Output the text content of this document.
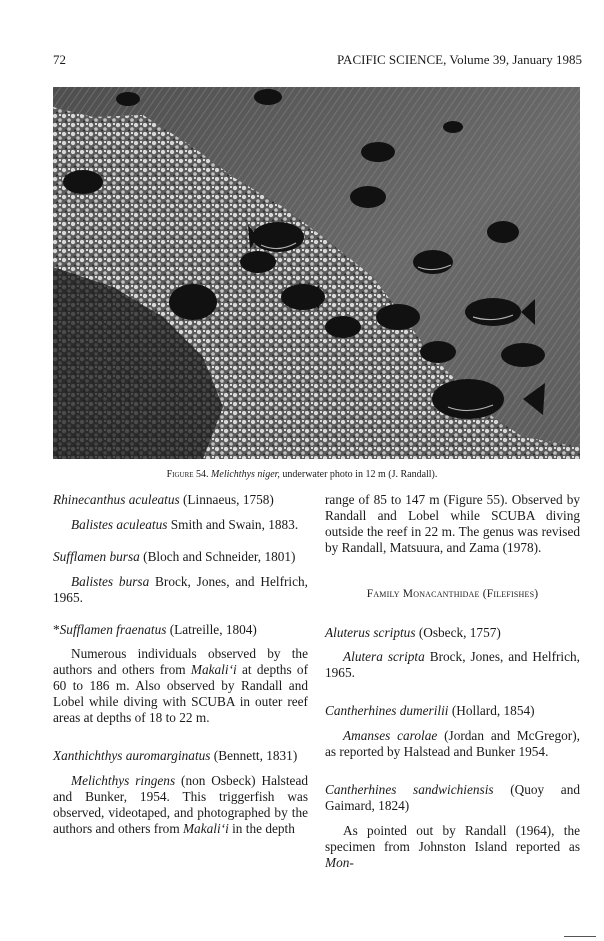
72	PACIFIC SCIENCE, Volume 39, January 1985
Figure 54. Melichthys niger, underwater photo in 12 m (J. Randall).

Rhinecanthus aculeatus (Linnaeus, 1758)

Balistes aculeatus Smith and Swain, 1883.

Sufflamen bursa (Bloch and Schneider, 1801)

Balistes bursa Brock, Jones, and Helfrich, 1965.

*Sufflamen fraenatus (Latreille, 1804)

Numerous individuals observed by the authors and others from Makali‘i at depths of 60 to 186 m. Also observed by Randall and Lobel while diving with SCUBA in outer reef areas at depths of 18 to 22 m.

Xanthichthys auromarginatus (Bennett, 1831)

Melichthys ringens (non Osbeck) Halstead and Bunker, 1954. This triggerfish was observed, videotaped, and photographed by the authors and others from Makali‘i in the depth

range of 85 to 147 m (Figure 55). Observed by Randall and Lobel while SCUBA diving outside the reef in 22 m. The genus was revised by Randall, Matsuura, and Zama (1978).

Family Monacanthidae (Filefishes)

Aluterus scriptus (Osbeck, 1757)

Alutera scripta Brock, Jones, and Helfrich, 1965.

Cantherhines dumerilii (Hollard, 1854)

Amanses carolae (Jordan and McGregor), as reported by Halstead and Bunker 1954.

Cantherhines sandwichiensis (Quoy and Gaimard, 1824)

As pointed out by Randall (1964), the specimen from Johnston Island reported as Mon-
